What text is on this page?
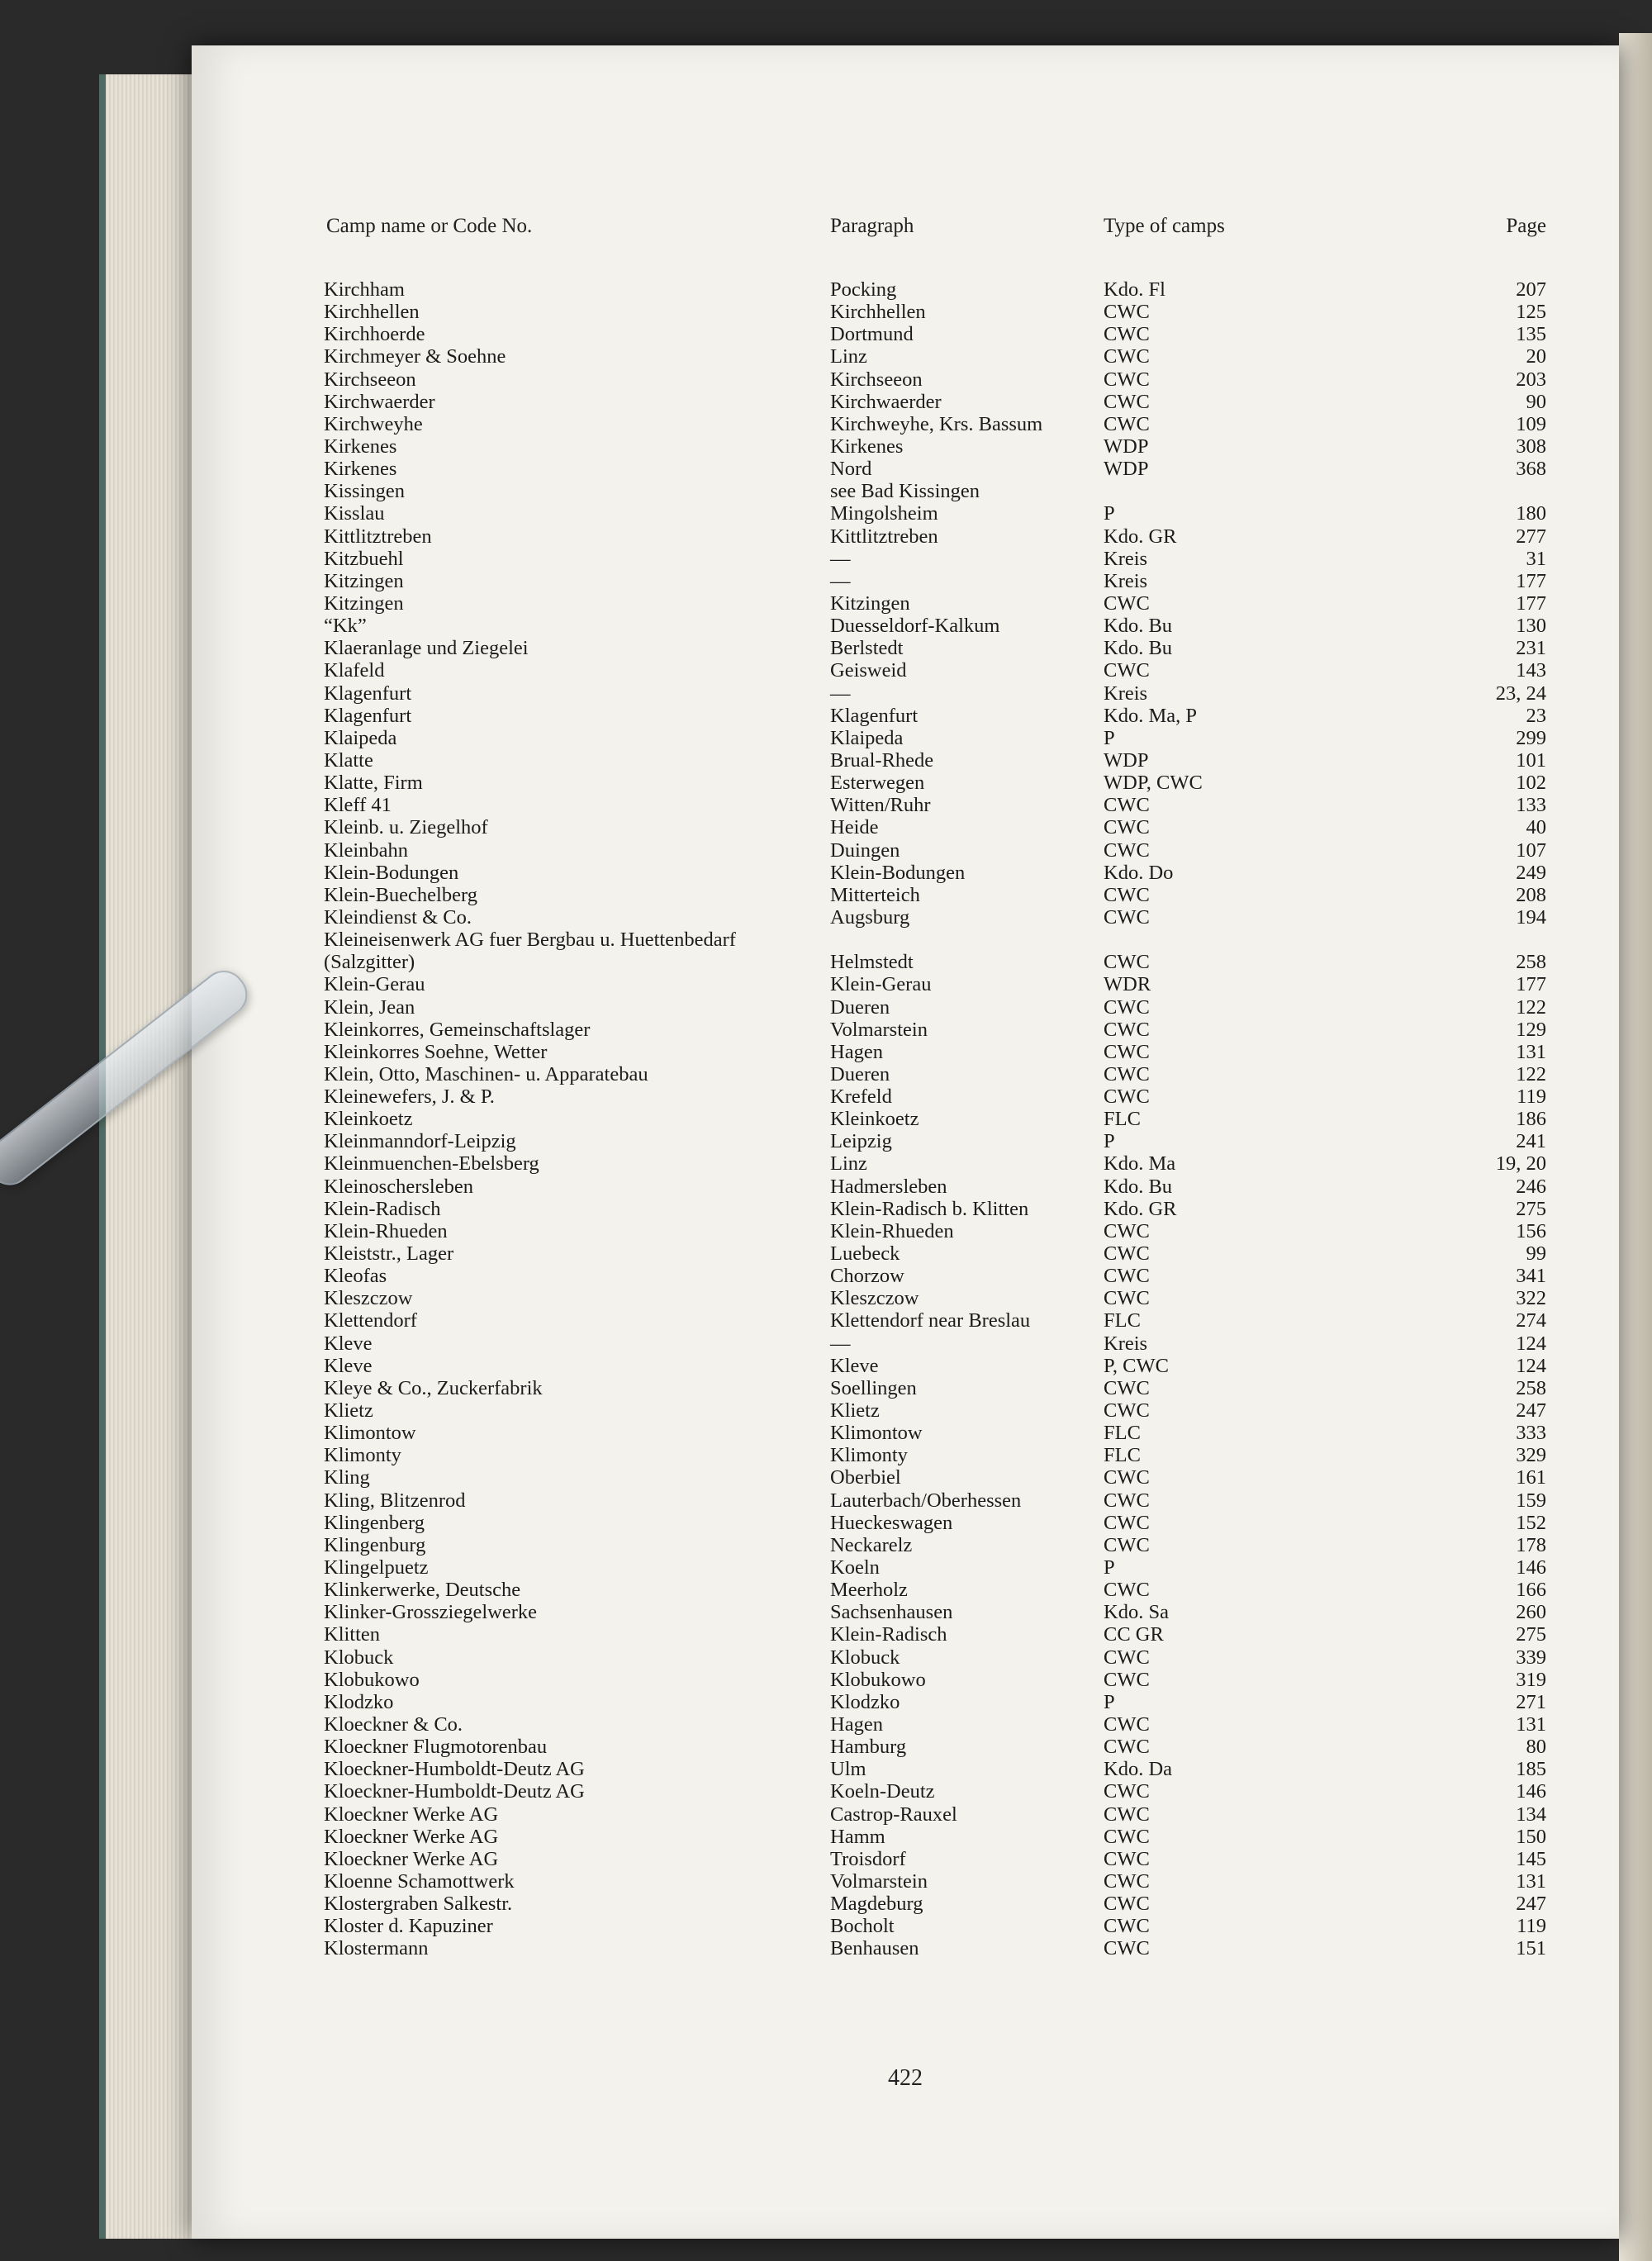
Camp name or Code No.	Paragraph	Type of camps	Page
Kirchham	Pocking	Kdo. Fl	207
Kirchhellen	Kirchhellen	CWC	125
Kirchhoerde	Dortmund	CWC	135
Kirchmeyer & Soehne	Linz	CWC	20
Kirchseeon	Kirchseeon	CWC	203
Kirchwaerder	Kirchwaerder	CWC	90
Kirchweyhe	Kirchweyhe, Krs. Bassum	CWC	109
Kirkenes	Kirkenes	WDP	308
Kirkenes	Nord	WDP	368
Kissingen	see Bad Kissingen
Kisslau	Mingolsheim	P	180
Kittlitztreben	Kittlitztreben	Kdo. GR	277
Kitzbuehl	—	Kreis	31
Kitzingen	—	Kreis	177
Kitzingen	Kitzingen	CWC	177
“Kk”	Duesseldorf-Kalkum	Kdo. Bu	130
Klaeranlage und Ziegelei	Berlstedt	Kdo. Bu	231
Klafeld	Geisweid	CWC	143
Klagenfurt	—	Kreis	23, 24
Klagenfurt	Klagenfurt	Kdo. Ma, P	23
Klaipeda	Klaipeda	P	299
Klatte	Brual-Rhede	WDP	101
Klatte, Firm	Esterwegen	WDP, CWC	102
Kleff 41	Witten/Ruhr	CWC	133
Kleinb. u. Ziegelhof	Heide	CWC	40
Kleinbahn	Duingen	CWC	107
Klein-Bodungen	Klein-Bodungen	Kdo. Do	249
Klein-Buechelberg	Mitterteich	CWC	208
Kleindienst & Co.	Augsburg	CWC	194
Kleineisenwerk AG fuer Bergbau u. Huettenbedarf
(Salzgitter)	Helmstedt	CWC	258
Klein-Gerau	Klein-Gerau	WDR	177
Klein, Jean	Dueren	CWC	122
Kleinkorres, Gemeinschaftslager	Volmarstein	CWC	129
Kleinkorres Soehne, Wetter	Hagen	CWC	131
Klein, Otto, Maschinen- u. Apparatebau	Dueren	CWC	122
Kleinewefers, J. & P.	Krefeld	CWC	119
Kleinkoetz	Kleinkoetz	FLC	186
Kleinmanndorf-Leipzig	Leipzig	P	241
Kleinmuenchen-Ebelsberg	Linz	Kdo. Ma	19, 20
Kleinoschersleben	Hadmersleben	Kdo. Bu	246
Klein-Radisch	Klein-Radisch b. Klitten	Kdo. GR	275
Klein-Rhueden	Klein-Rhueden	CWC	156
Kleiststr., Lager	Luebeck	CWC	99
Kleofas	Chorzow	CWC	341
Kleszczow	Kleszczow	CWC	322
Klettendorf	Klettendorf near Breslau	FLC	274
Kleve	—	Kreis	124
Kleve	Kleve	P, CWC	124
Kleye & Co., Zuckerfabrik	Soellingen	CWC	258
Klietz	Klietz	CWC	247
Klimontow	Klimontow	FLC	333
Klimonty	Klimonty	FLC	329
Kling	Oberbiel	CWC	161
Kling, Blitzenrod	Lauterbach/Oberhessen	CWC	159
Klingenberg	Hueckeswagen	CWC	152
Klingenburg	Neckarelz	CWC	178
Klingelpuetz	Koeln	P	146
Klinkerwerke, Deutsche	Meerholz	CWC	166
Klinker-Grossziegelwerke	Sachsenhausen	Kdo. Sa	260
Klitten	Klein-Radisch	CC GR	275
Klobuck	Klobuck	CWC	339
Klobukowo	Klobukowo	CWC	319
Klodzko	Klodzko	P	271
Kloeckner & Co.	Hagen	CWC	131
Kloeckner Flugmotorenbau	Hamburg	CWC	80
Kloeckner-Humboldt-Deutz AG	Ulm	Kdo. Da	185
Kloeckner-Humboldt-Deutz AG	Koeln-Deutz	CWC	146
Kloeckner Werke AG	Castrop-Rauxel	CWC	134
Kloeckner Werke AG	Hamm	CWC	150
Kloeckner Werke AG	Troisdorf	CWC	145
Kloenne Schamottwerk	Volmarstein	CWC	131
Klostergraben Salkestr.	Magdeburg	CWC	247
Kloster d. Kapuziner	Bocholt	CWC	119
Klostermann	Benhausen	CWC	151
422
